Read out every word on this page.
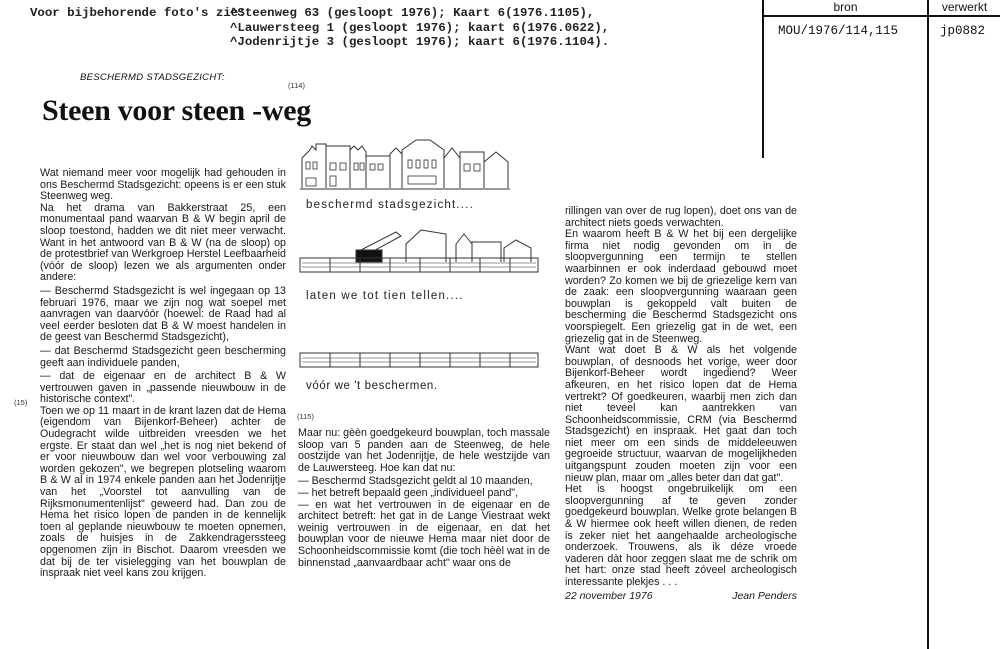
Voor bijbehorende foto's zie:^Steenweg 63 (gesloopt 1976); Kaart 6(1976.1105),
^Lauwersteeg 1 (gesloopt 1976); kaart 6(1976.0622),
^Jodenrijtje 3 (gesloopt 1976); kaart 6(1976.1104).
bron	verwerkt
MOU/1976/114,115	jp0882
BESCHERMD STADSGEZICHT:
Steen voor steen -weg
(114)
(115)
(15)

Wat niemand meer voor mogelijk had gehouden in ons Beschermd Stadsgezicht: opeens is er een stuk Steenweg weg.

Na het drama van Bakkerstraat 25, een monumentaal pand waarvan B & W begin april de sloop toestond, hadden we dit niet meer verwacht. Want in het antwoord van B & W (na de sloop) op de protestbrief van Werkgroep Herstel Leefbaarheid (vóór de sloop) lezen we als argumenten onder andere:

— Beschermd Stadsgezicht is wel ingegaan op 13 februari 1976, maar we zijn nog wat soepel met aanvragen van daarvóór (hoewel: de Raad had al veel eerder besloten dat B & W moest handelen in de geest van Beschermd Stadsgezicht),

— dat Beschermd Stadsgezicht geen bescherming geeft aan individuele panden,

— dat de eigenaar en de architect B & W vertrouwen gaven in „passende nieuwbouw in de historische context".

Toen we op 11 maart in de krant lazen dat de Hema (eigendom van Bijenkorf-Beheer) achter de Oudegracht wilde uitbreiden vreesden we het ergste. Er staat dan wel „het is nog niet bekend of er voor nieuwbouw dan wel voor verbouwing zal worden gekozen", we begrepen plotseling waarom B & W al in 1974 enkele panden aan het Jodenrijtje van het „Voorstel tot aanvulling van de Rijksmonumentenlijst" geweerd had. Dan zou de Hema het risico lopen de panden in de kennelijk toen al geplande nieuwbouw te moeten opnemen, zoals de huisjes in de Zakkendragerssteeg opgenomen zijn in Bischot. Daarom vreesden we dat bij de ter visielegging van het bouwplan de inspraak niet veel kans zou krijgen.

beschermd stadsgezicht....
laten we tot tien tellen....
vóór we 't beschermen.

Maar nu: gèèn goedgekeurd bouwplan, toch massale sloop van 5 panden aan de Steenweg, de hele oostzijde van het Jodenrijtje, de hele westzijde van de Lauwersteeg. Hoe kan dat nu:

— Beschermd Stadsgezicht geldt al 10 maanden,

— het betreft bepaald geen „individueel pand",

— en wat het vertrouwen in de eigenaar en de architect betreft: het gat in de Lange Viestraat wekt weinig vertrouwen in de eigenaar, en dat het bouwplan voor de nieuwe Hema maar niet door de Schoonheidscommissie komt (die toch hèèl wat in de binnenstad „aanvaardbaar acht" waar ons de

rillingen van over de rug lopen), doet ons van de architect niets goeds verwachten.

En waarom heeft B & W het bij een dergelijke firma niet nodig gevonden om in de sloopvergunning een termijn te stellen waarbinnen er ook inderdaad gebouwd moet worden? Zo komen we bij de griezelige kern van de zaak: een sloopvergunning waaraan geen bouwplan is gekoppeld valt buiten de bescherming die Beschermd Stadsgezicht ons voorspiegelt. Een griezelig gat in de wet, een griezelig gat in de Steenweg.

Want wat doet B & W als het volgende bouwplan, of desnoods het vorige, weer door Bijenkorf-Beheer wordt ingediend? Weer afkeuren, en het risico lopen dat de Hema vertrekt? Of goedkeuren, waarbij men zich dan niet teveel kan aantrekken van Schoonheidscommissie, CRM (via Beschermd Stadsgezicht) en inspraak. Het gaat dan toch niet meer om een sinds de middeleeuwen gegroeide structuur, waarvan de mogelijkheden uitgangspunt zouden moeten zijn voor een nieuw plan, maar om „alles beter dan dat gat".

Het is hoogst ongebruikelijk om een sloopvergunning af te geven zonder goedgekeurd bouwplan. Welke grote belangen B & W hiermee ook heeft willen dienen, de reden is zeker niet het aangehaalde archeologische onderzoek. Trouwens, als ik déze vroede vaderen dàt hoor zeggen slaat me de schrik om het hart: onze stad heeft zóveel archeologisch interessante plekjes . . .

22 november 1976	Jean Penders
